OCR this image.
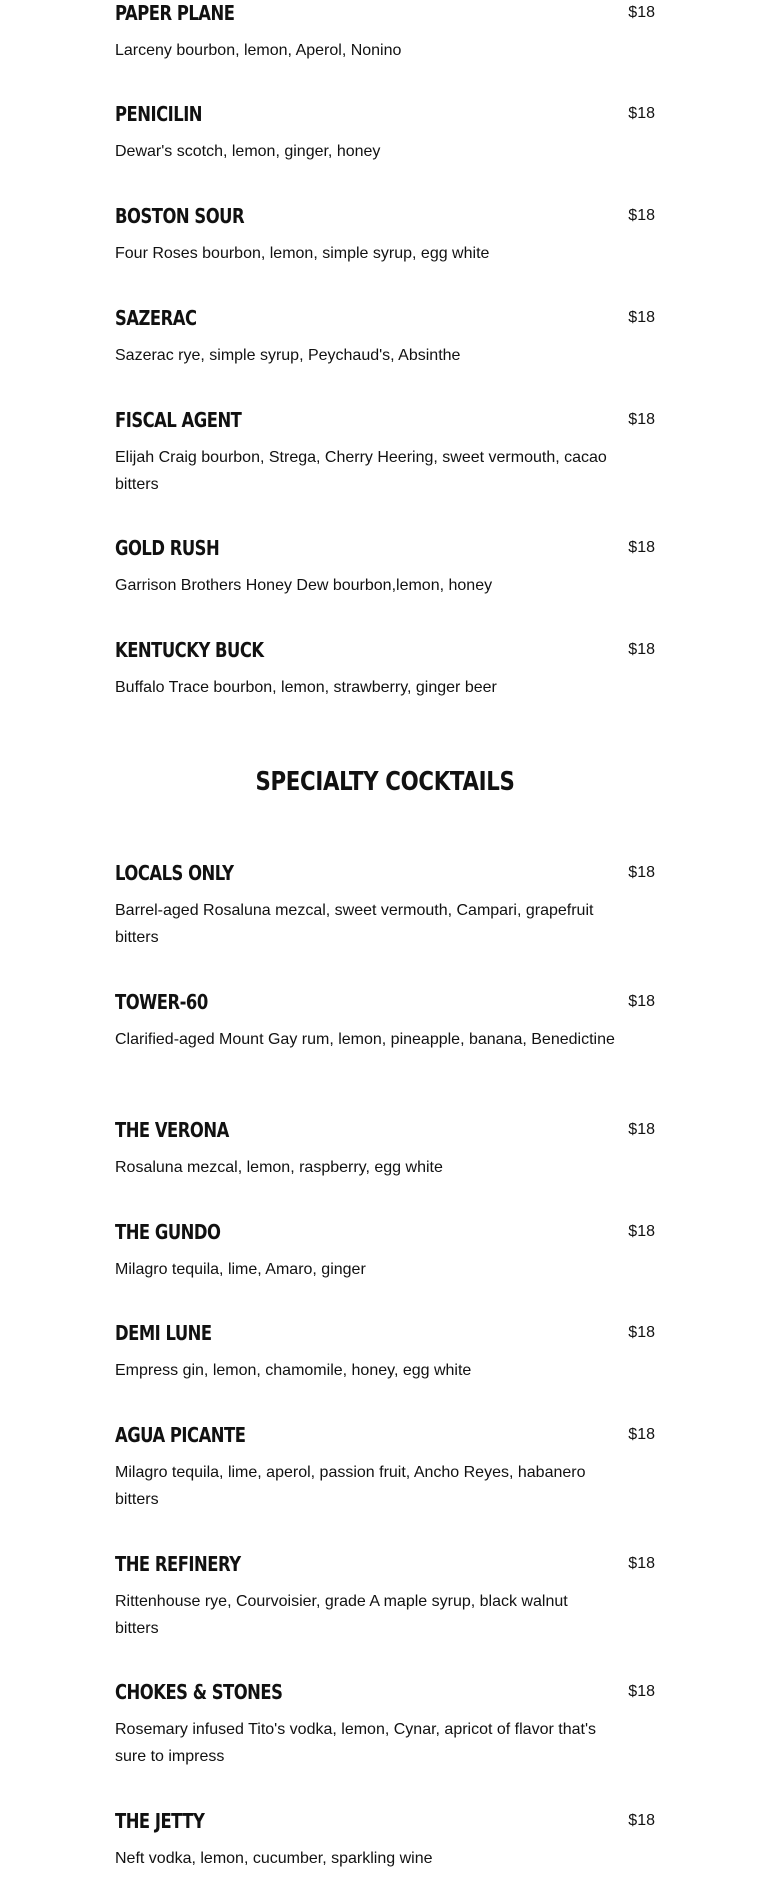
PAPER PLANE	$18
Larceny bourbon, lemon, Aperol, Nonino
PENICILIN	$18
Dewar's scotch, lemon, ginger, honey
BOSTON SOUR	$18
Four Roses bourbon, lemon, simple syrup, egg white
SAZERAC	$18
Sazerac rye, simple syrup, Peychaud's, Absinthe
FISCAL AGENT	$18
Elijah Craig bourbon, Strega, Cherry Heering, sweet vermouth, cacao bitters
GOLD RUSH	$18
Garrison Brothers Honey Dew bourbon,lemon, honey
KENTUCKY BUCK	$18
Buffalo Trace bourbon, lemon, strawberry, ginger beer
SPECIALTY COCKTAILS
LOCALS ONLY	$18
Barrel-aged Rosaluna mezcal, sweet vermouth, Campari, grapefruit bitters
TOWER-60	$18
Clarified-aged Mount Gay rum, lemon, pineapple, banana, Benedictine
THE VERONA	$18
Rosaluna mezcal, lemon, raspberry, egg white
THE GUNDO	$18
Milagro tequila, lime, Amaro, ginger
DEMI LUNE	$18
Empress gin, lemon, chamomile, honey, egg white
AGUA PICANTE	$18
Milagro tequila, lime, aperol, passion fruit, Ancho Reyes, habanero bitters
THE REFINERY	$18
Rittenhouse rye, Courvoisier, grade A maple syrup, black walnut bitters
CHOKES & STONES	$18
Rosemary infused Tito's vodka, lemon, Cynar, apricot of flavor that's sure to impress
THE JETTY	$18
Neft vodka, lemon, cucumber, sparkling wine
